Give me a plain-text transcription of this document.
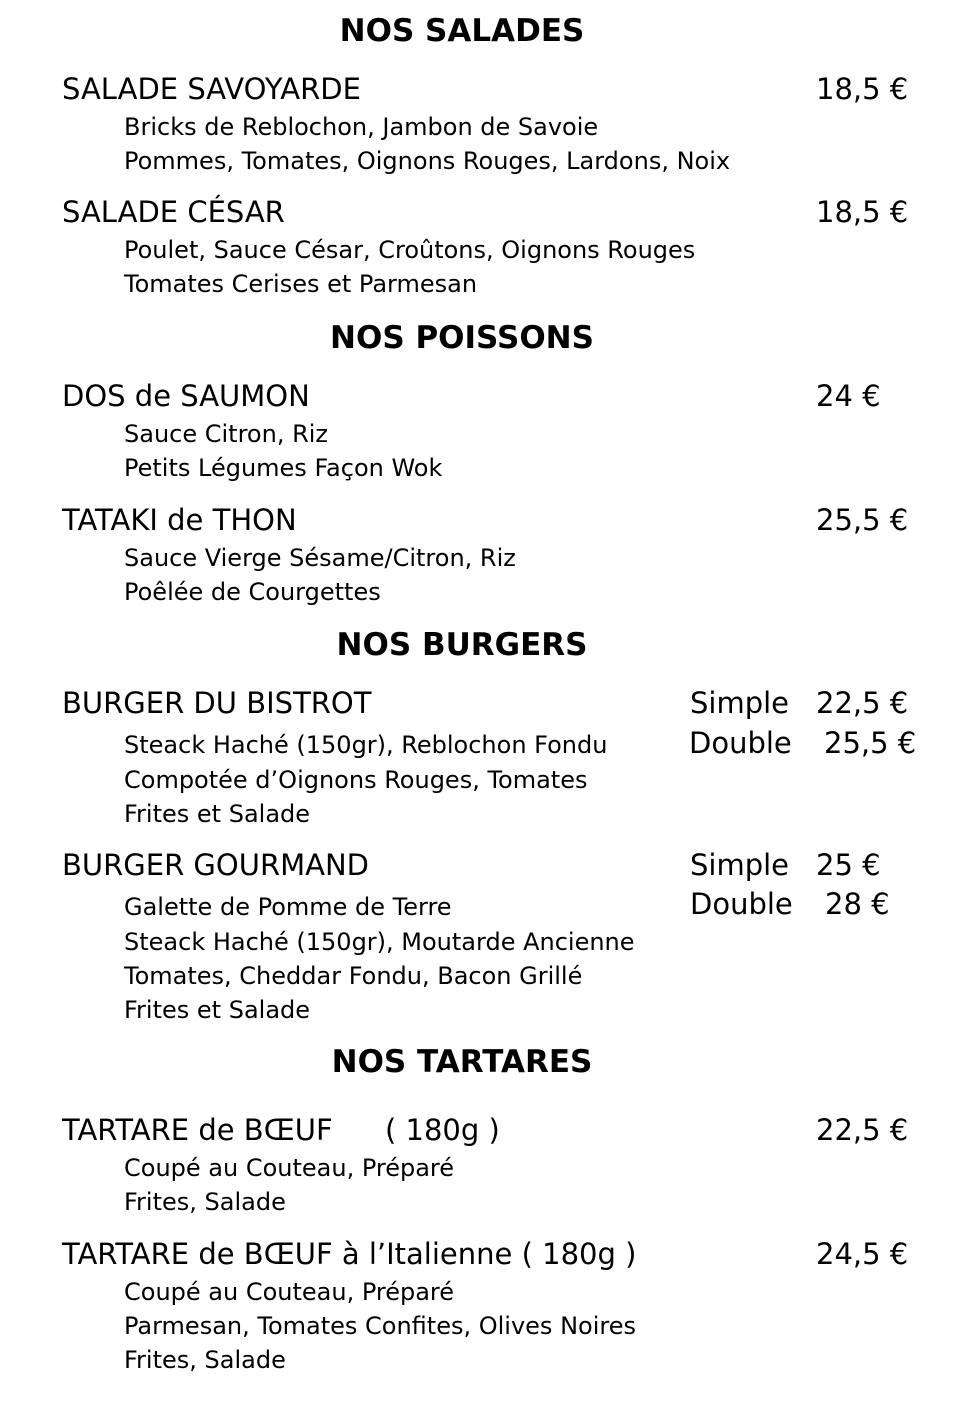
NOS SALADES
SALADE SAVOYARDE	18,5 €
Bricks de Reblochon, Jambon de Savoie
Pommes, Tomates, Oignons Rouges, Lardons, Noix
SALADE CÉSAR	18,5 €
Poulet, Sauce César, Croûtons, Oignons Rouges
Tomates Cerises et Parmesan
NOS POISSONS
DOS de SAUMON	24 €
Sauce Citron, Riz
Petits Légumes Façon Wok
TATAKI de THON	25,5 €
Sauce Vierge Sésame/Citron, Riz
Poêlée de Courgettes
NOS BURGERS
BURGER DU BISTROT	Simple 22,5 €
Double 25,5 €
Steack Haché (150gr), Reblochon Fondu
Compotée d’Oignons Rouges, Tomates
Frites et Salade
BURGER GOURMAND	Simple 25 €
Double 28 €
Galette de Pomme de Terre
Steack Haché (150gr), Moutarde Ancienne
Tomates, Cheddar Fondu, Bacon Grillé
Frites et Salade
NOS TARTARES
TARTARE de BŒUF ( 180g )	22,5 €
Coupé au Couteau, Préparé
Frites, Salade
TARTARE de BŒUF à l’Italienne ( 180g )	24,5 €
Coupé au Couteau, Préparé
Parmesan, Tomates Confites, Olives Noires
Frites, Salade
